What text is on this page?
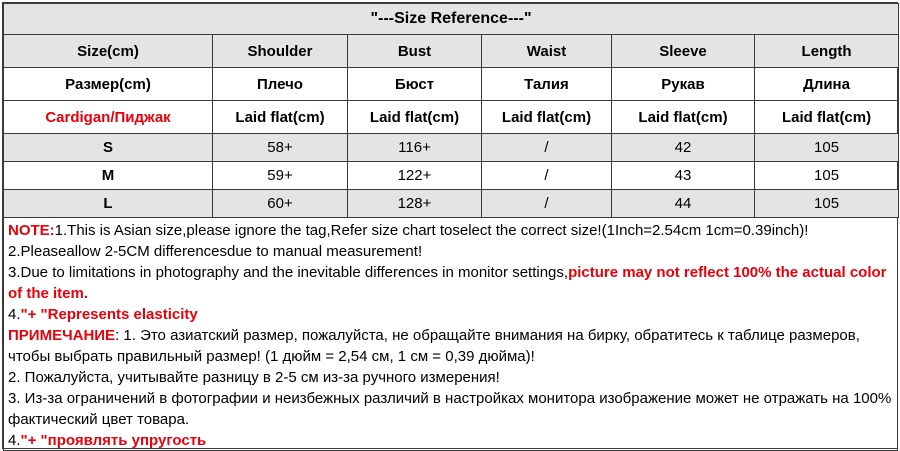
"---Size Reference---"					
Size(cm)	Shoulder	Bust	Waist	Sleeve	Length
Размер(cm)	Плечо	Бюст	Талия	Рукав	Длина
Cardigan/Пиджак	Laid flat(cm)	Laid flat(cm)	Laid flat(cm)	Laid flat(cm)	Laid flat(cm)
S	58+	116+	/	42	105
M	59+	122+	/	43	105
L	60+	128+	/	44	105

NOTE:1.This is Asian size,please ignore the tag,Refer size chart toselect the correct size!(1Inch=2.54cm 1cm=0.39inch)!

2.Pleaseallow 2-5CM differencesdue to manual measurement!

3.Due to limitations in photography and the inevitable differences in monitor settings,picture may not reflect 100% the actual color of the item.

4."+ "Represents elasticity

ПРИМЕЧАНИЕ: 1. Это азиатский размер, пожалуйста, не обращайте внимания на бирку, обратитесь к таблице размеров, чтобы выбрать правильный размер! (1 дюйм = 2,54 см, 1 см = 0,39 дюйма)!

2. Пожалуйста, учитывайте разницу в 2-5 см из-за ручного измерения!

3. Из-за ограничений в фотографии и неизбежных различий в настройках монитора изображение может не отражать на 100% фактический цвет товара.

4."+ "проявлять упругость
